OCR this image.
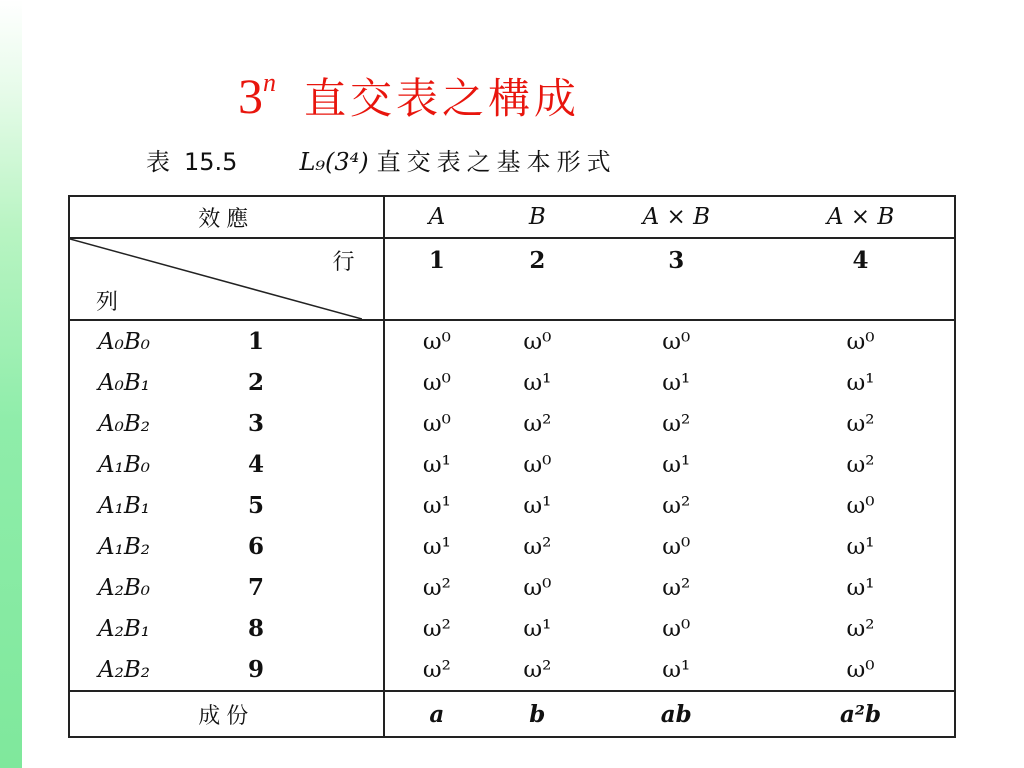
3$^n$ 直交表之構成
表 15.5	L₉(3⁴) 直交表之基本形式
效應	A	B	A × B	A × B

行
列	1	2	3	4
A₀B₀ 1	ω⁰	ω⁰	ω⁰	ω⁰
A₀B₁ 2	ω⁰	ω¹	ω¹	ω¹
A₀B₂ 3	ω⁰	ω²	ω²	ω²
A₁B₀ 4	ω¹	ω⁰	ω¹	ω²
A₁B₁ 5	ω¹	ω¹	ω²	ω⁰
A₁B₂ 6	ω¹	ω²	ω⁰	ω¹
A₂B₀ 7	ω²	ω⁰	ω²	ω¹
A₂B₁ 8	ω²	ω¹	ω⁰	ω²
A₂B₂ 9	ω²	ω²	ω¹	ω⁰
成份	a	b	ab	a²b
